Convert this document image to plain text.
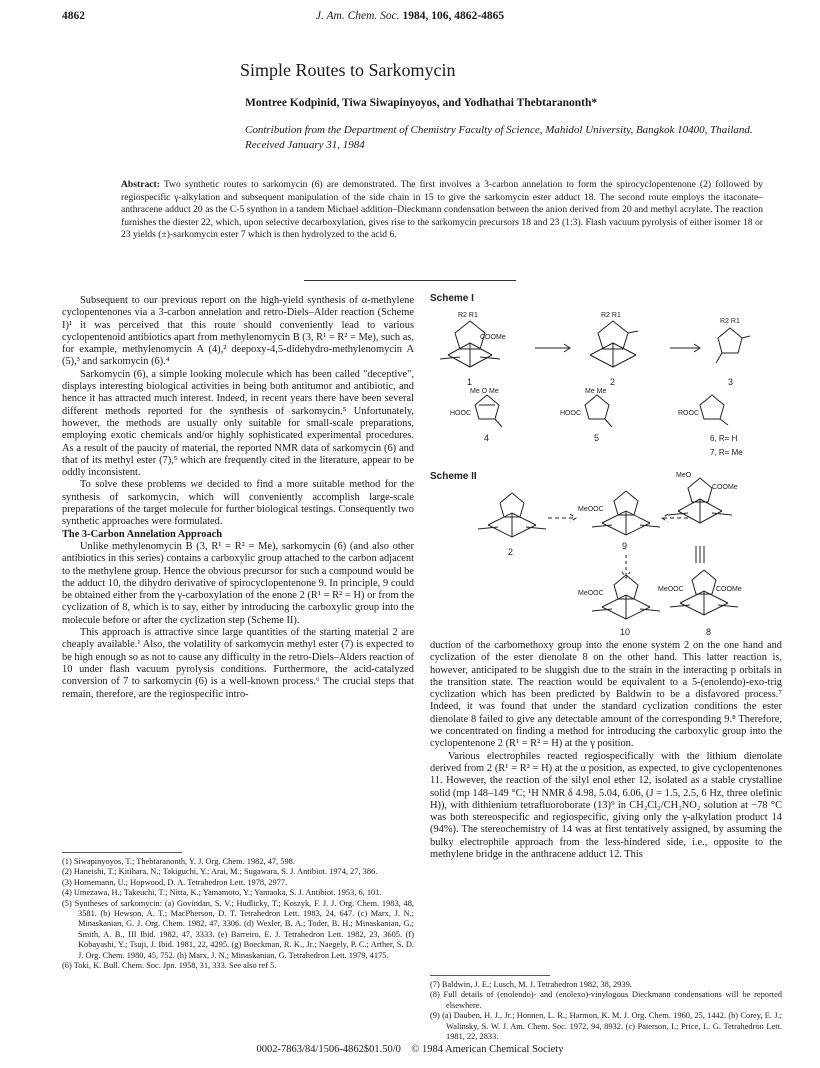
4862	J. Am. Chem. Soc. 1984, 106, 4862-4865
Simple Routes to Sarkomycin
Montree Kodpinid, Tiwa Siwapinyoyos, and Yodhathai Thebtaranonth*
Contribution from the Department of Chemistry Faculty of Science, Mahidol University, Bangkok 10400, Thailand. Received January 31, 1984
Abstract: Two synthetic routes to sarkomycin (6) are demonstrated. The first involves a 3-carbon annelation to form the spirocyclopentenone (2) followed by regiospecific γ-alkylation and subsequent manipulation of the side chain in 15 to give the sarkomycin ester adduct 18. The second route employs the itaconate–anthracene adduct 20 as the C-5 synthon in a tandem Michael addition–Dieckmann condensation between the anion derived from 20 and methyl acrylate. The reaction furnishes the diester 22, which, upon selective decarboxylation, gives rise to the sarkomycin precursors 18 and 23 (1:3). Flash vacuum pyrolysis of either isomer 18 or 23 yields (±)-sarkomycin ester 7 which is then hydrolyzed to the acid 6.

Subsequent to our previous report on the high-yield synthesis of α-methylene cyclopentenones via a 3-carbon annelation and retro-Diels–Alder reaction (Scheme I)¹ it was perceived that this route should conveniently lead to various cyclopentenoid antibiotics apart from methylenomycin B (3, R¹ = R² = Me), such as, for example, methylenomycin A (4),² deepoxy-4,5-didehydro-methylenomycin A (5),³ and sarkomycin (6).⁴

Sarkomycin (6), a simple looking molecule which has been called "deceptive", displays interesting biological activities in being both antitumor and antibiotic, and hence it has attracted much interest. Indeed, in recent years there have been several different methods reported for the synthesis of sarkomycin.⁵ Unfortunately, however, the methods are usually only suitable for small-scale preparations, employing exotic chemicals and/or highly sophisticated experimental procedures. As a result of the paucity of material, the reported NMR data of sarkomycin (6) and that of its methyl ester (7),⁵ which are frequently cited in the literature, appear to be oddly inconsistent.

To solve these problems we decided to find a more suitable method for the synthesis of sarkomycin, which will conveniently accomplish large-scale preparations of the target molecule for further biological testings. Consequently two synthetic approaches were formulated.

The 3-Carbon Annelation Approach

Unlike methylenomycin B (3, R¹ = R² = Me), sarkomycin (6) (and also other antibiotics in this series) contains a carboxylic group attached to the carbon adjacent to the methylene group. Hence the obvious precursor for such a compound would be the adduct 10, the dihydro derivative of spirocyclopentenone 9. In principle, 9 could be obtained either from the γ-carboxylation of the enone 2 (R¹ = R² = H) or from the cyclization of 8, which is to say, either by introducing the carboxylic group into the molecule before or after the cyclization step (Scheme II).

This approach is attractive since large quantities of the starting material 2 are cheaply available.¹ Also, the volatility of sarkomycin methyl ester (7) is expected to be high enough so as not to cause any difficulty in the retro-Diels–Alders reaction of 10 under flash vacuum pyrolysis conditions. Furthermore, the acid-catalyzed conversion of 7 to sarkomycin (6) is a well-known process.⁶ The crucial steps that remain, therefore, are the regiospecific intro-

(1) Siwapinyoyos, T.; Thebtaranonth, Y. J. Org. Chem. 1982, 47, 598.
(2) Haneishi, T.; Kitihara, N.; Takiguchi, Y.; Arai, M.; Sugawara, S. J. Antibiot. 1974, 27, 386.
(3) Hornemann, U.; Hopwood, D. A. Tetrahedron Lett. 1978, 2977.
(4) Umezawa, H.; Takeuchi, T.; Nitta, K.; Yamamoto, Y.; Yamaoka, S. J. Antibiot. 1953, 6, 101.
(5) Syntheses of sarkomycin: (a) Govindan, S. V.; Hudlicky, T.; Koszyk, F. J. J. Org. Chem. 1983, 48, 3581. (b) Hewson, A. T.; MacPherson, D. T. Tetrahedron Lett. 1983, 24, 647. (c) Marx, J. N.; Minaskanian, G. J. Org. Chem. 1982, 47, 3306. (d) Wexler, B. A.; Toder, B. H.; Minaskanian, G.; Smith, A. B., III Ibid. 1982, 47, 3333. (e) Barreiro, E. J. Tetrahedron Lett. 1982, 23, 3605. (f) Kobayashi, Y.; Tsuji, J. Ibid. 1981, 22, 4295. (g) Boeckman, R. K., Jr.; Naegely, P. C.; Arther, S. D. J. Org. Chem. 1980, 45, 752. (h) Marx, J. N.; Minaskanian, G. Tetrahedron Lett. 1979, 4175.
(6) Toki, K. Bull. Chem. Soc. Jpn. 1958, 31, 333. See also ref 5.
Scheme I
R2 R1
COOMe
1
R2 R1
2
R2 R1
3
Me O Me
HOOC
4
Me Me
HOOC
5
ROOC
6, R= H
7, R= Me
Scheme II
2
MeOOC
9
MeO
COOMe
MeOOC
10
MeOOC	COOMe
8

duction of the carbomethoxy group into the enone system 2 on the one hand and cyclization of the ester dienolate 8 on the other hand. This latter reaction is, however, anticipated to be sluggish due to the strain in the interacting p orbitals in the transition state. The reaction would be equivalent to a 5-(enolendo)-exo-trig cyclization which has been predicted by Baldwin to be a disfavored process.⁷ Indeed, it was found that under the standard cyclization conditions the ester dienolate 8 failed to give any detectable amount of the corresponding 9.⁸ Therefore, we concentrated on finding a method for introducing the carboxylic group into the cyclopentenone 2 (R¹ = R² = H) at the γ position.

Various electrophiles reacted regiospecifically with the lithium dienolate derived from 2 (R¹ = R² = H) at the α position, as expected, to give cyclopentenones 11. However, the reaction of the silyl enol ether 12, isolated as a stable crystalline solid (mp 148–149 °C; ¹H NMR δ 4.98, 5.04, 6.06, (J = 1.5, 2.5, 6 Hz, three olefinic H)), with dithienium tetrafluoroborate (13)⁹ in CH₂Cl₂/CH₃NO₂ solution at −78 °C was both stereospecific and regiospecific, giving only the γ-alkylation product 14 (94%). The stereochemistry of 14 was at first tentatively assigned, by assuming the bulky electrophile approach from the less-hindered side, i.e., opposite to the methylene bridge in the anthracene adduct 12. This

(7) Baldwin, J. E.; Lusch, M. J. Tetrahedron 1982, 38, 2939.
(8) Full details of (enolendo)- and (enolexo)-vinylogous Dieckmann condensations will be reported elsewhere.
(9) (a) Dauben, H. J., Jr.; Honnen, L. R.; Harmon, K. M. J. Org. Chem. 1960, 25, 1442. (b) Corey, E. J.; Walinsky, S. W. J. Am. Chem. Soc. 1972, 94, 8932. (c) Paterson, I.; Price, L. G. Tetrahedron Lett. 1981, 22, 2833.
0002-7863/84/1506-4862$01.50/0 © 1984 American Chemical Society
